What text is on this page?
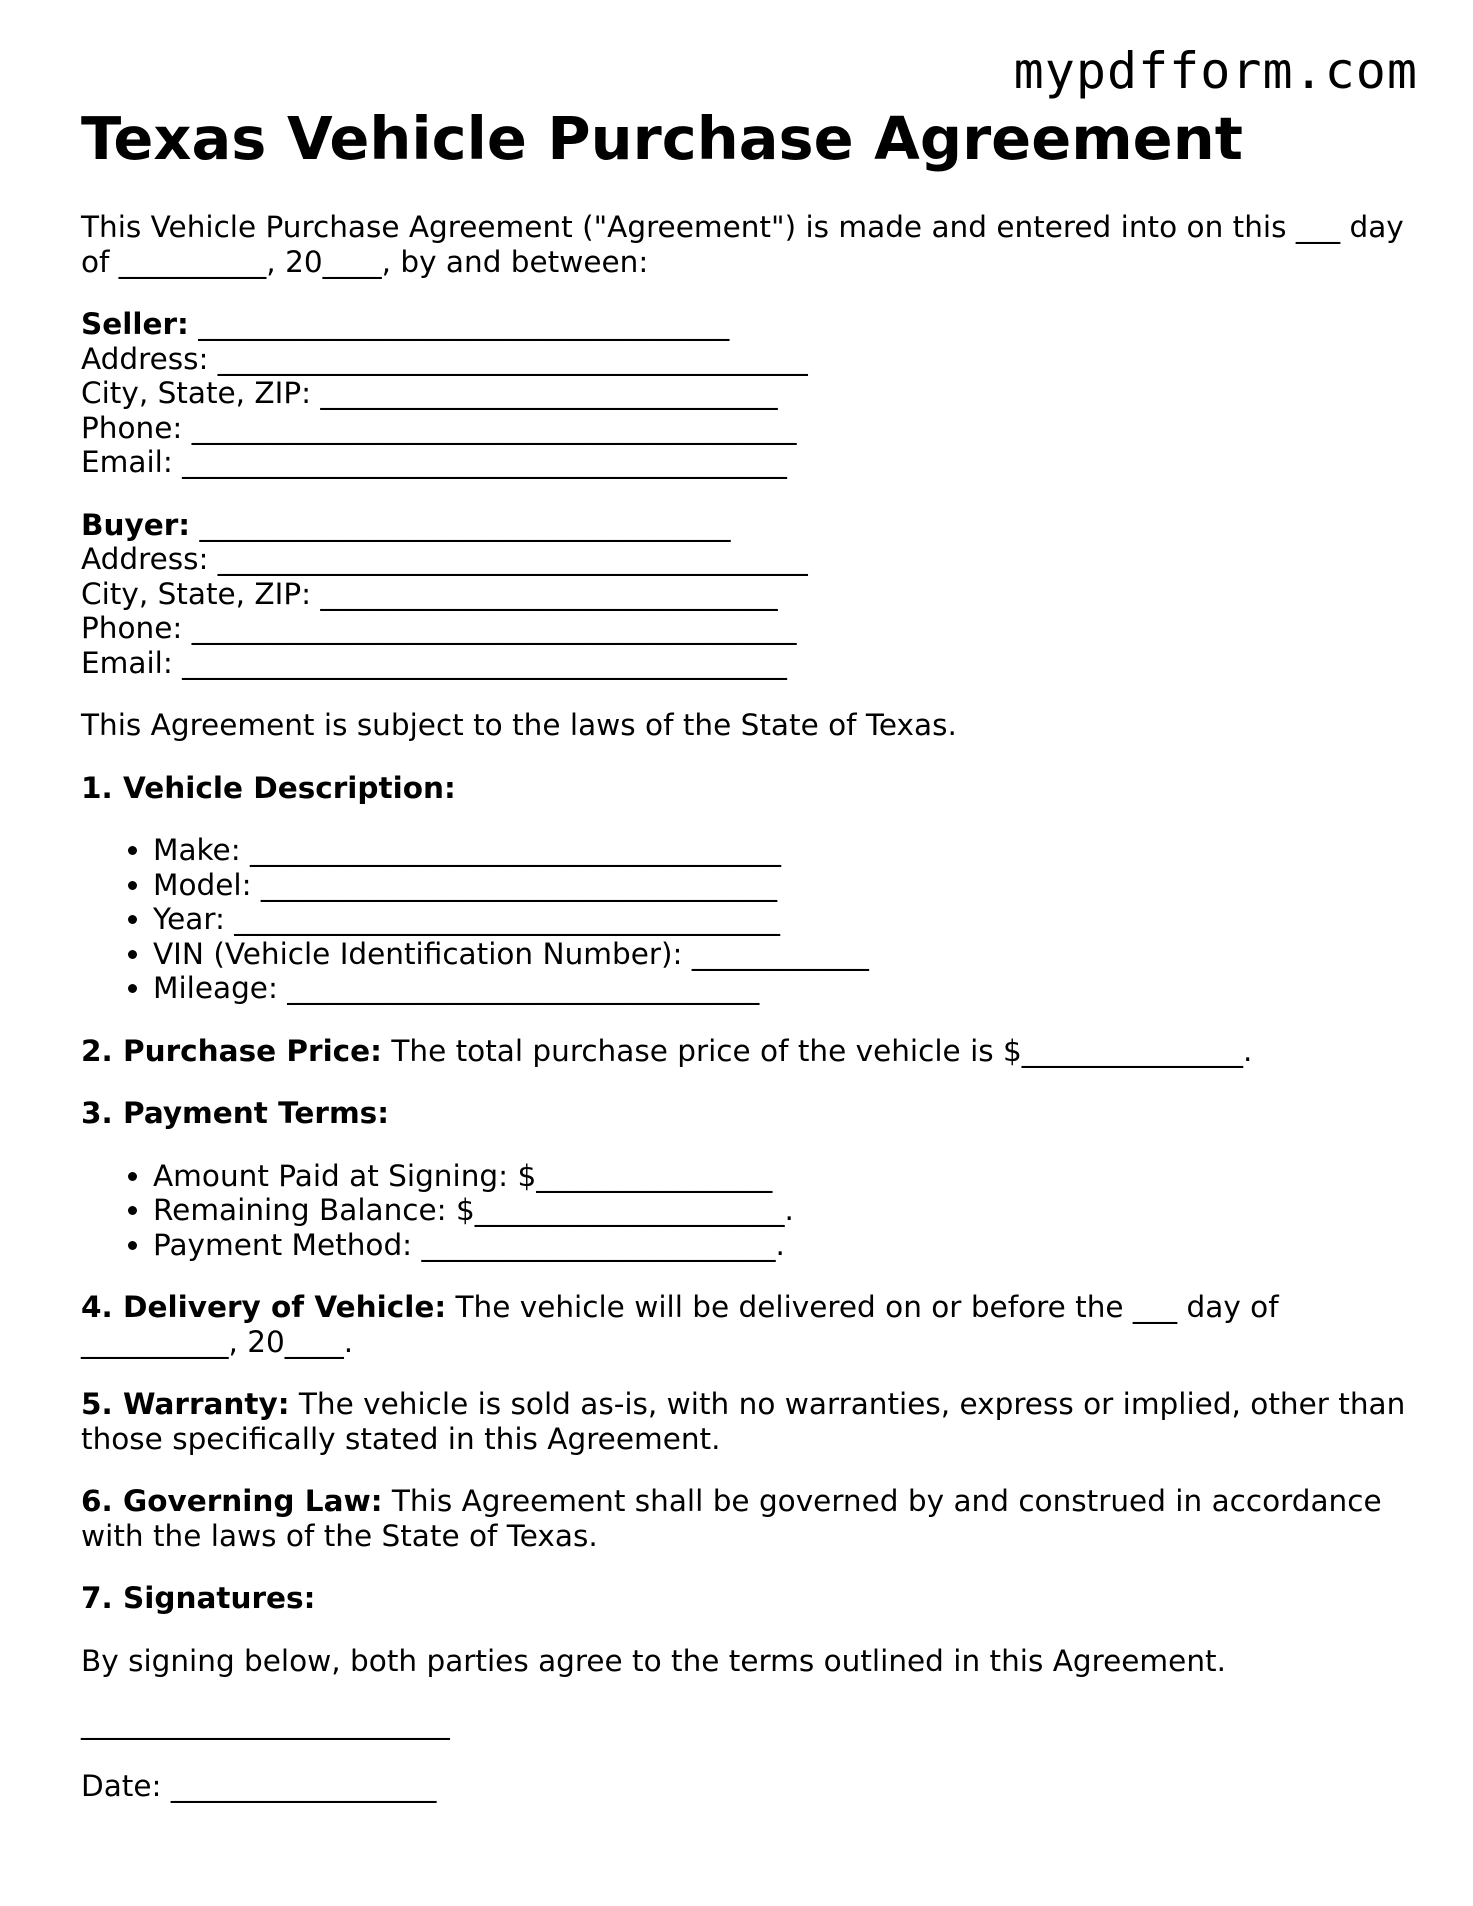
mypdfform.com
Texas Vehicle Purchase Agreement

This Vehicle Purchase Agreement ("Agreement") is made and entered into on this ___ day
of __________, 20____, by and between:

Seller: ____________________________________
Address: ________________________________________
City, State, ZIP: _______________________________
Phone: _________________________________________
Email: _________________________________________
Buyer: ____________________________________
Address: ________________________________________
City, State, ZIP: _______________________________
Phone: _________________________________________
Email: _________________________________________

This Agreement is subject to the laws of the State of Texas.

1. Vehicle Description:

• Make: ____________________________________
• Model: ___________________________________
• Year: _____________________________________
• VIN (Vehicle Identification Number): ____________
• Mileage: ________________________________

2. Purchase Price: The total purchase price of the vehicle is $_______________.

3. Payment Terms:

• Amount Paid at Signing: $________________
• Remaining Balance: $_____________________.
• Payment Method: ________________________.

4. Delivery of Vehicle: The vehicle will be delivered on or before the ___ day of
__________, 20____.

5. Warranty: The vehicle is sold as-is, with no warranties, express or implied, other than
those specifically stated in this Agreement.

6. Governing Law: This Agreement shall be governed by and construed in accordance
with the laws of the State of Texas.

7. Signatures:

By signing below, both parties agree to the terms outlined in this Agreement.

_________________________
Date: __________________
